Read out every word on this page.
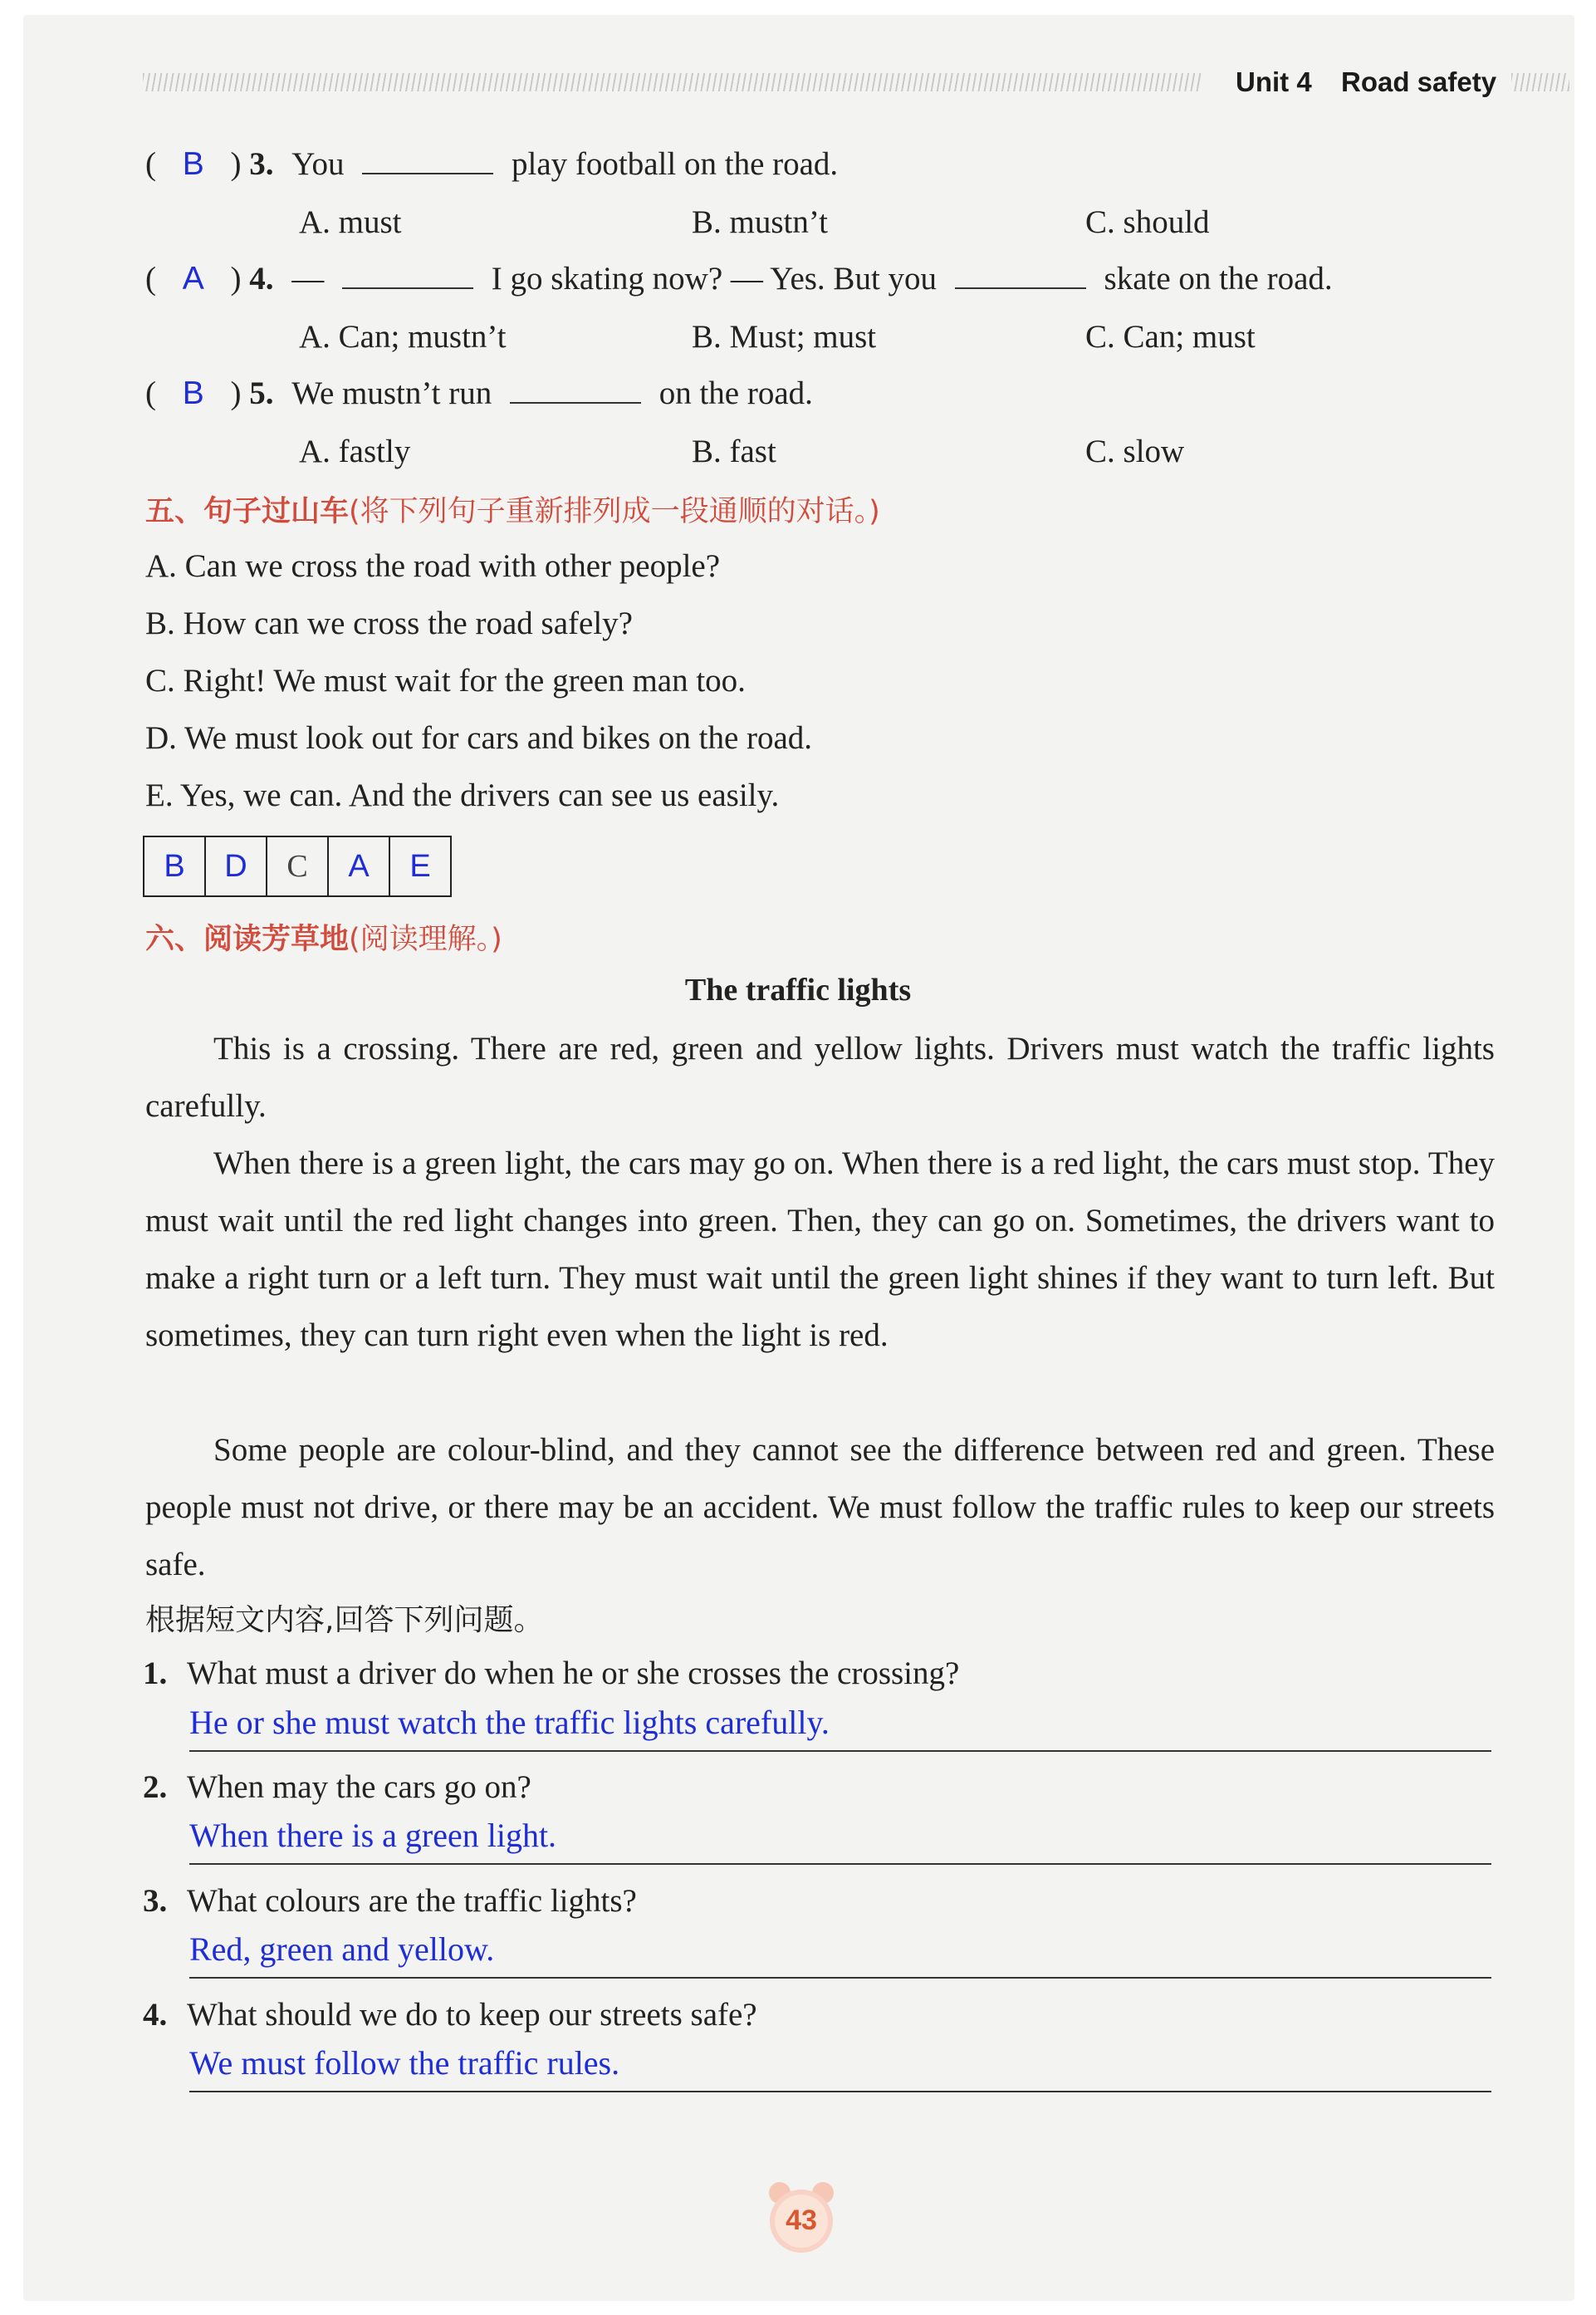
Unit 4 Road safety
( B ) 3. You	play football on the road.
A. must	B. mustn’t	C. should
( A ) 4. —	I go skating now? — Yes. But you	skate on the road.
A. Can; mustn’t	B. Must; must	C. Can; must
( B ) 5. We mustn’t run	on the road.
A. fastly	B. fast	C. slow
五、句子过山车(将下列句子重新排列成一段通顺的对话。)
A. Can we cross the road with other people?
B. How can we cross the road safely?
C. Right! We must wait for the green man too.
D. We must look out for cars and bikes on the road.
E. Yes, we can. And the drivers can see us easily.
B	D	C	A	E
六、阅读芳草地(阅读理解。)
The traffic lights
This is a crossing. There are red, green and yellow lights. Drivers must watch the traffic lights carefully.
When there is a green light, the cars may go on. When there is a red light, the cars must stop. They must wait until the red light changes into green. Then, they can go on. Sometimes, the drivers want to make a right turn or a left turn. They must wait until the green light shines if they want to turn left. But sometimes, they can turn right even when the light is red.
Some people are colour-blind, and they cannot see the difference between red and green. These people must not drive, or there may be an accident. We must follow the traffic rules to keep our streets safe.
根据短文内容,回答下列问题。
1. What must a driver do when he or she crosses the crossing?
He or she must watch the traffic lights carefully.
2. When may the cars go on?
When there is a green light.
3. What colours are the traffic lights?
Red, green and yellow.
4. What should we do to keep our streets safe?
We must follow the traffic rules.
43
